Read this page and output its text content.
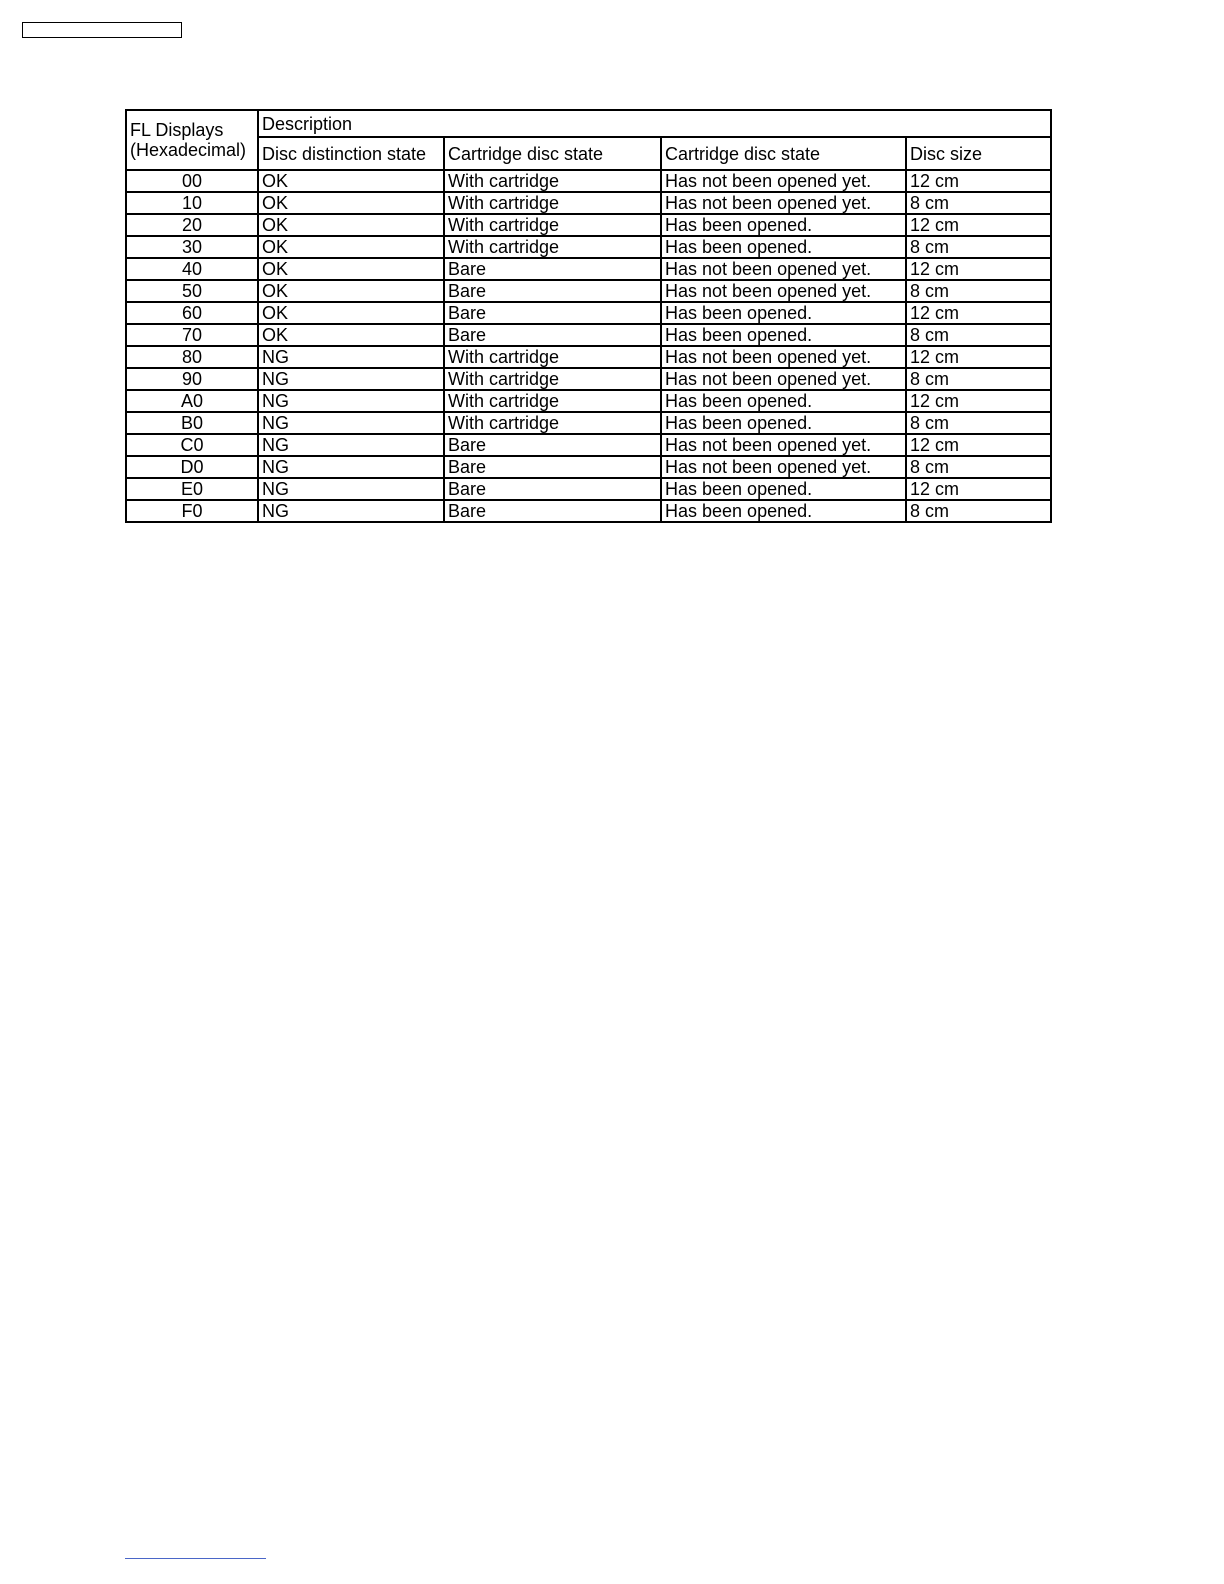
FL Displays
(Hexadecimal)	Description			
	Disc distinction state	Cartridge disc state	Cartridge disc state	Disc size
00	OK	With cartridge	Has not been opened yet.	12 cm
10	OK	With cartridge	Has not been opened yet.	8 cm
20	OK	With cartridge	Has been opened.	12 cm
30	OK	With cartridge	Has been opened.	8 cm
40	OK	Bare	Has not been opened yet.	12 cm
50	OK	Bare	Has not been opened yet.	8 cm
60	OK	Bare	Has been opened.	12 cm
70	OK	Bare	Has been opened.	8 cm
80	NG	With cartridge	Has not been opened yet.	12 cm
90	NG	With cartridge	Has not been opened yet.	8 cm
A0	NG	With cartridge	Has been opened.	12 cm
B0	NG	With cartridge	Has been opened.	8 cm
C0	NG	Bare	Has not been opened yet.	12 cm
D0	NG	Bare	Has not been opened yet.	8 cm
E0	NG	Bare	Has been opened.	12 cm
F0	NG	Bare	Has been opened.	8 cm
